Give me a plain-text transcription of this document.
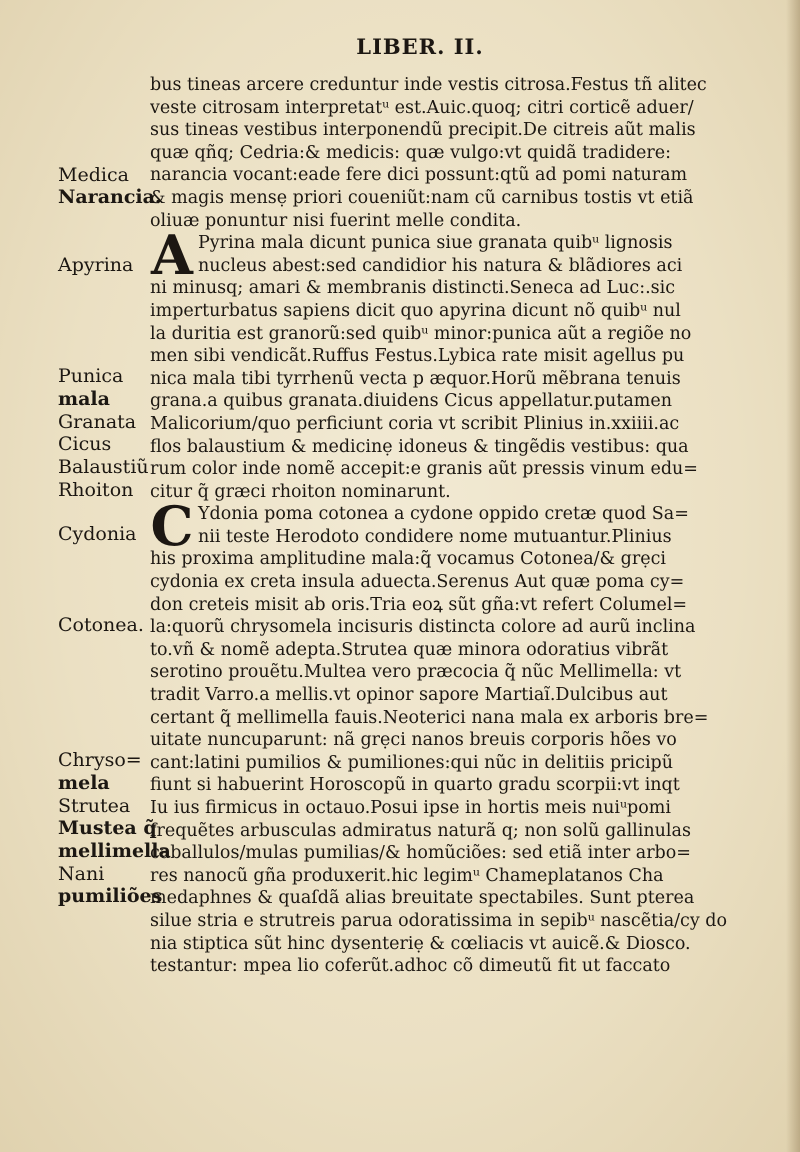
LIBER. II.
bus tineas arcere creduntur inde vestis citrosa.Festus tñ alitec
veste citrosam interpretatᵘ est.Auic.quoq; citri corticẽ aduer/
sus tineas vestibus interponendũ precipit.De citreis aũt malis
quæ qñq; Cedria:& medicis: quæ vulgo:vt quidã tradidere:
narancia vocant:eade fere dici possunt:qtũ ad pomi naturam
& magis mensẹ priori coueniũt:nam cũ carnibus tostis vt etiã
oliuæ ponuntur nisi fuerint melle condita.
A Pyrina mala dicunt punica siue granata quibᵘ lignosis
nucleus abest:sed candidior his natura & blãdiores aci
ni minusq; amari & membranis distincti.Seneca ad Luc:.sic
imperturbatus sapiens dicit quo apyrina dicunt nõ quibᵘ nul
la duritia est granorũ:sed quibᵘ minor:punica aũt a regiõe no
men sibi vendicãt.Ruffus Festus.Lybica rate misit agellus pu
nica mala tibi tyrrhenũ vecta p æquor.Horũ mẽbrana tenuis
grana.a quibus granata.diuidens Cicus appellatur.putamen
Malicorium/quo perficiunt coria vt scribit Plinius in.xxiiii.ac
flos balaustium & medicinẹ idoneus & tingẽdis vestibus: qua
rum color inde nomẽ accepit:e granis aũt pressis vinum edu=
citur q̃ græci rhoiton nominarunt.
C Ydonia poma cotonea a cydone oppido cretæ quod Sa=
nii teste Herodoto condidere nome mutuantur.Plinius
his proxima amplitudine mala:q̃ vocamus Cotonea/& grẹci
cydonia ex creta insula aduecta.Serenus Aut quæ poma cy=
don creteis misit ab oris.Tria eoꝝ sũt gña:vt refert Columel=
la:quorũ chrysomela incisuris distincta colore ad aurũ inclina
to.vñ & nomẽ adepta.Strutea quæ minora odoratius vibrãt
serotino prouẽtu.Multea vero præcocia q̃ nũc Mellimella: vt
tradit Varro.a mellis.vt opinor sapore Martiaĩ.Dulcibus aut
certant q̃ mellimella fauis.Neoterici nana mala ex arboris bre=
uitate nuncuparunt: nã grẹci nanos breuis corporis hões vo
cant:latini pumilios & pumiliones:qui nũc in delitiis pricipũ
fiunt si habuerint Horoscopũ in quarto gradu scorpii:vt inqt
Iu ius firmicus in octauo.Posui ipse in hortis meis nuiᵘpomi
frequẽtes arbusculas admiratus naturã q; non solũ gallinulas
caballulos/mulas pumilias/& homũciões: sed etiã inter arbo=
res nanocũ gña produxerit.hic legimᵘ Chameplatanos Cha
medaphnes & quaſdã alias breuitate spectabiles. Sunt pterea
silue stria e strutreis parua odoratissima in sepibᵘ nascẽtia/cy do
nia stiptica sũt hinc dysenteriẹ & cœliacis vt auicẽ.& Diosco.
testantur: mpea lio coferũt.adhoc cõ dimeutũ fit ut faccato
Medica
Narancia.
Apyrina
Punica
mala
Granata
Cicus
Balaustiũ
Rhoiton
Cydonia
Cotonea.
Chryso=
mela
Strutea
Mustea q̃
mellimella
Nani
pumiliões
